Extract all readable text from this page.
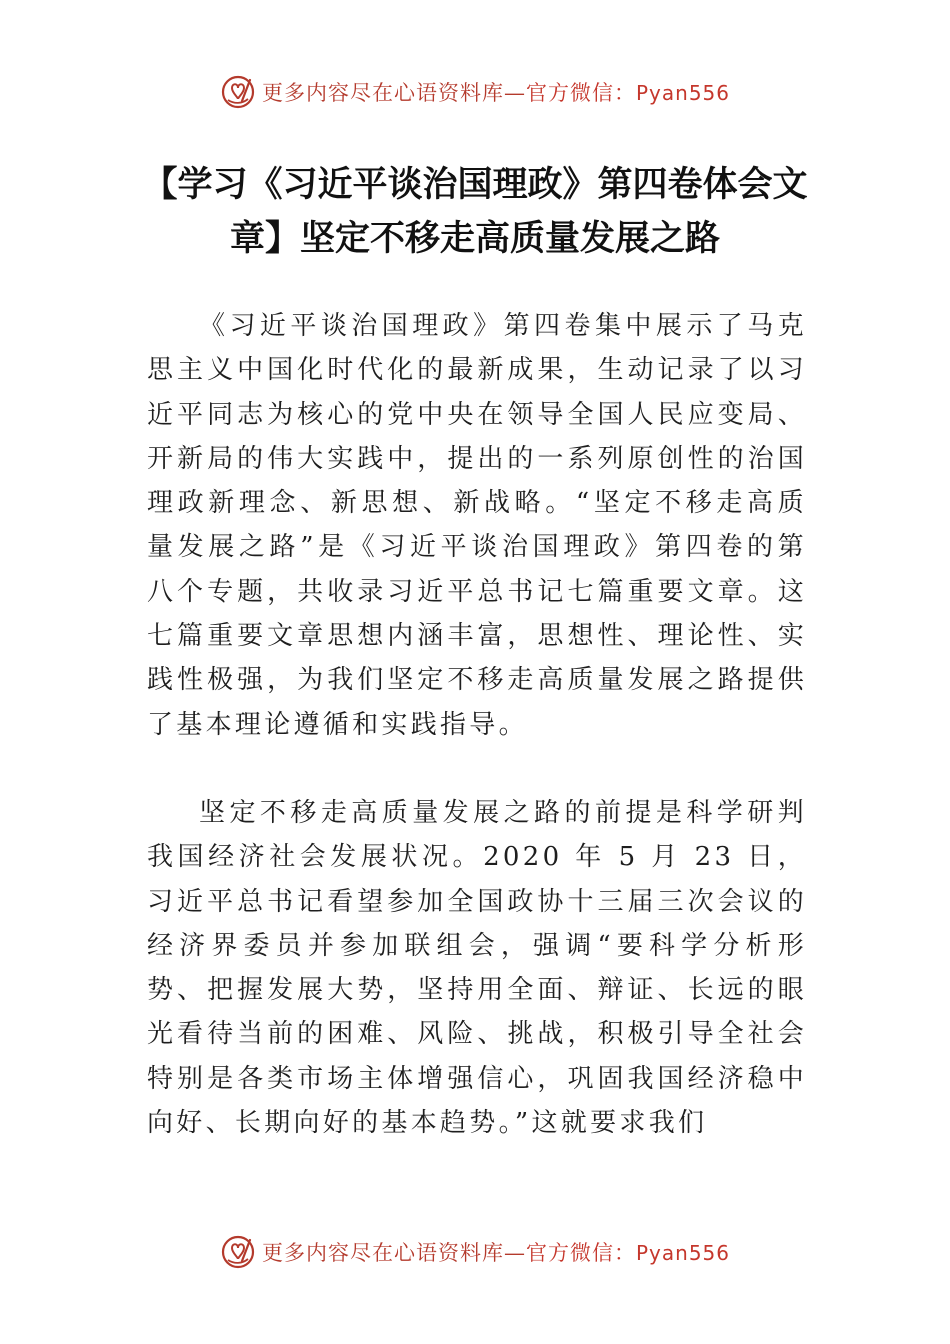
更多内容尽在心语资料库—官方微信：Pyan556
【学习《习近平谈治国理政》第四卷体会文章】坚定不移走高质量发展之路

《习近平谈治国理政》第四卷集中展示了马克思主义中国化时代化的最新成果，生动记录了以习近平同志为核心的党中央在领导全国人民应变局、开新局的伟大实践中，提出的一系列原创性的治国理政新理念、新思想、新战略。“坚定不移走高质量发展之路”是《习近平谈治国理政》第四卷的第八个专题，共收录习近平总书记七篇重要文章。这七篇重要文章思想内涵丰富，思想性、理论性、实践性极强，为我们坚定不移走高质量发展之路提供了基本理论遵循和实践指导。

坚定不移走高质量发展之路的前提是科学研判我国经济社会发展状况。2020 年 5 月 23 日，习近平总书记看望参加全国政协十三届三次会议的经济界委员并参加联组会，强调“要科学分析形势、把握发展大势，坚持用全面、辩证、长远的眼光看待当前的困难、风险、挑战，积极引导全社会特别是各类市场主体增强信心，巩固我国经济稳中向好、长期向好的基本趋势。”这就要求我们

更多内容尽在心语资料库—官方微信：Pyan556
